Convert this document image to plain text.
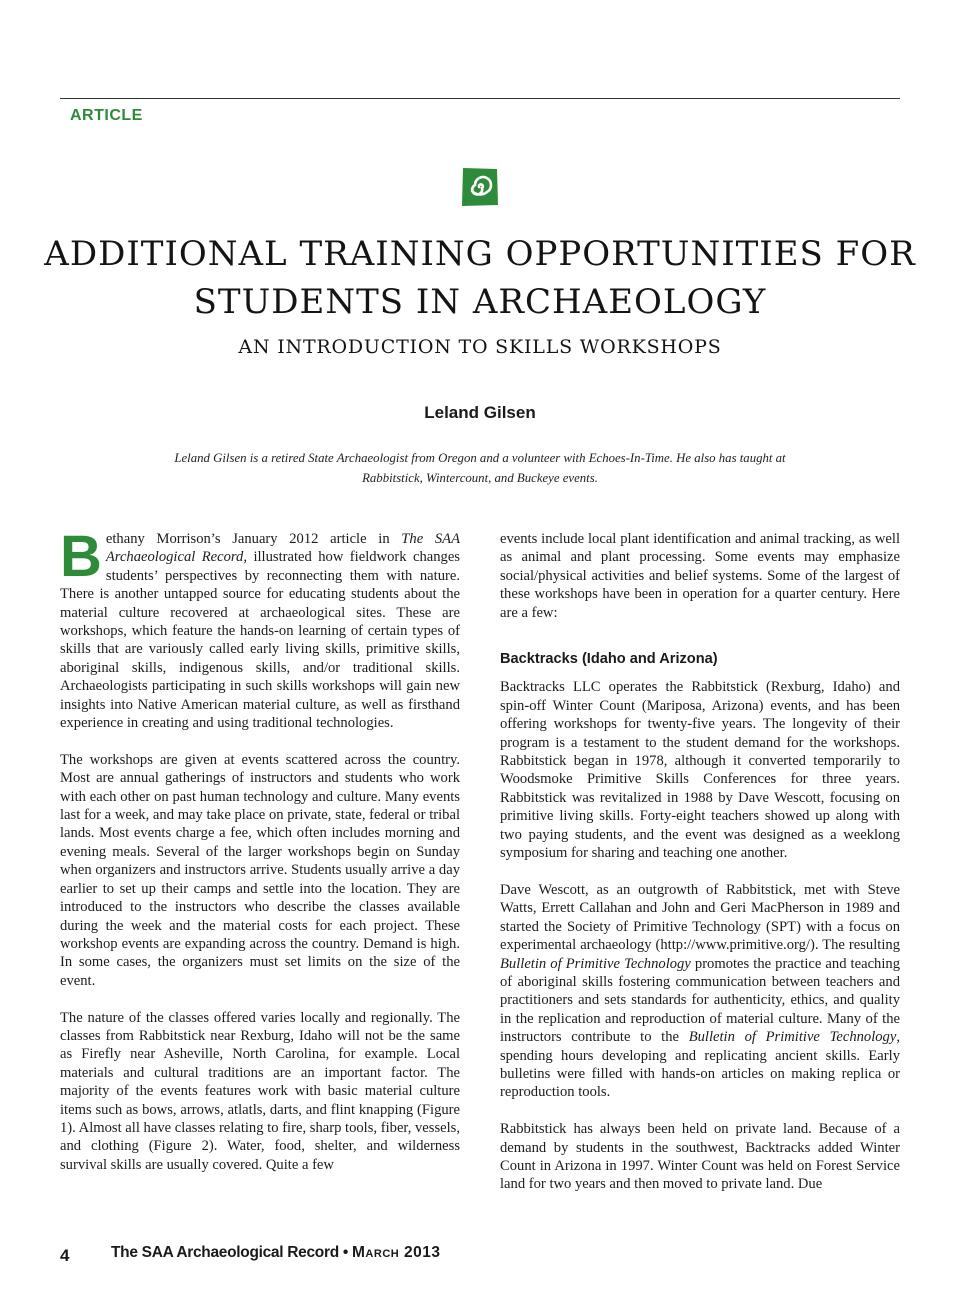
ARTICLE
ADDITIONAL TRAINING OPPORTUNITIES FOR
STUDENTS IN ARCHAEOLOGY
AN INTRODUCTION TO SKILLS WORKSHOPS
Leland Gilsen
Leland Gilsen is a retired State Archaeologist from Oregon and a volunteer with Echoes-In-Time. He also has taught at Rabbitstick, Wintercount, and Buckeye events.

Bethany Morrison’s January 2012 article in The SAA Archaeological Record, illustrated how fieldwork changes students’ perspectives by reconnecting them with nature. There is another untapped source for educating students about the material culture recovered at archaeological sites. These are workshops, which feature the hands-on learning of certain types of skills that are variously called early living skills, primitive skills, aboriginal skills, indigenous skills, and/or traditional skills. Archaeologists participating in such skills workshops will gain new insights into Native American material culture, as well as firsthand experience in creating and using traditional technologies.

The workshops are given at events scattered across the country. Most are annual gatherings of instructors and students who work with each other on past human technology and culture. Many events last for a week, and may take place on private, state, federal or tribal lands. Most events charge a fee, which often includes morning and evening meals. Several of the larger workshops begin on Sunday when organizers and instructors arrive. Students usually arrive a day earlier to set up their camps and settle into the location. They are introduced to the instructors who describe the classes available during the week and the material costs for each project. These workshop events are expanding across the country. Demand is high. In some cases, the organizers must set limits on the size of the event.

The nature of the classes offered varies locally and regionally. The classes from Rabbitstick near Rexburg, Idaho will not be the same as Firefly near Asheville, North Carolina, for example. Local materials and cultural traditions are an important factor. The majority of the events features work with basic material culture items such as bows, arrows, atlatls, darts, and flint knapping (Figure 1). Almost all have classes relating to fire, sharp tools, fiber, vessels, and clothing (Figure 2). Water, food, shelter, and wilderness survival skills are usually covered. Quite a few

events include local plant identification and animal tracking, as well as animal and plant processing. Some events may emphasize social/physical activities and belief systems. Some of the largest of these workshops have been in operation for a quarter century. Here are a few:

Backtracks (Idaho and Arizona)

Backtracks LLC operates the Rabbitstick (Rexburg, Idaho) and spin-off Winter Count (Mariposa, Arizona) events, and has been offering workshops for twenty-five years. The longevity of their program is a testament to the student demand for the workshops. Rabbitstick began in 1978, although it converted temporarily to Woodsmoke Primitive Skills Conferences for three years. Rabbitstick was revitalized in 1988 by Dave Wescott, focusing on primitive living skills. Forty-eight teachers showed up along with two paying students, and the event was designed as a weeklong symposium for sharing and teaching one another.

Dave Wescott, as an outgrowth of Rabbitstick, met with Steve Watts, Errett Callahan and John and Geri MacPherson in 1989 and started the Society of Primitive Technology (SPT) with a focus on experimental archaeology (http://www.primitive.org/). The resulting Bulletin of Primitive Technology promotes the practice and teaching of aboriginal skills fostering communication between teachers and practitioners and sets standards for authenticity, ethics, and quality in the replication and reproduction of material culture. Many of the instructors contribute to the Bulletin of Primitive Technology, spending hours developing and replicating ancient skills. Early bulletins were filled with hands-on articles on making replica or reproduction tools.

Rabbitstick has always been held on private land. Because of a demand by students in the southwest, Backtracks added Winter Count in Arizona in 1997. Winter Count was held on Forest Service land for two years and then moved to private land. Due

4	The SAA Archaeological Record • March 2013
